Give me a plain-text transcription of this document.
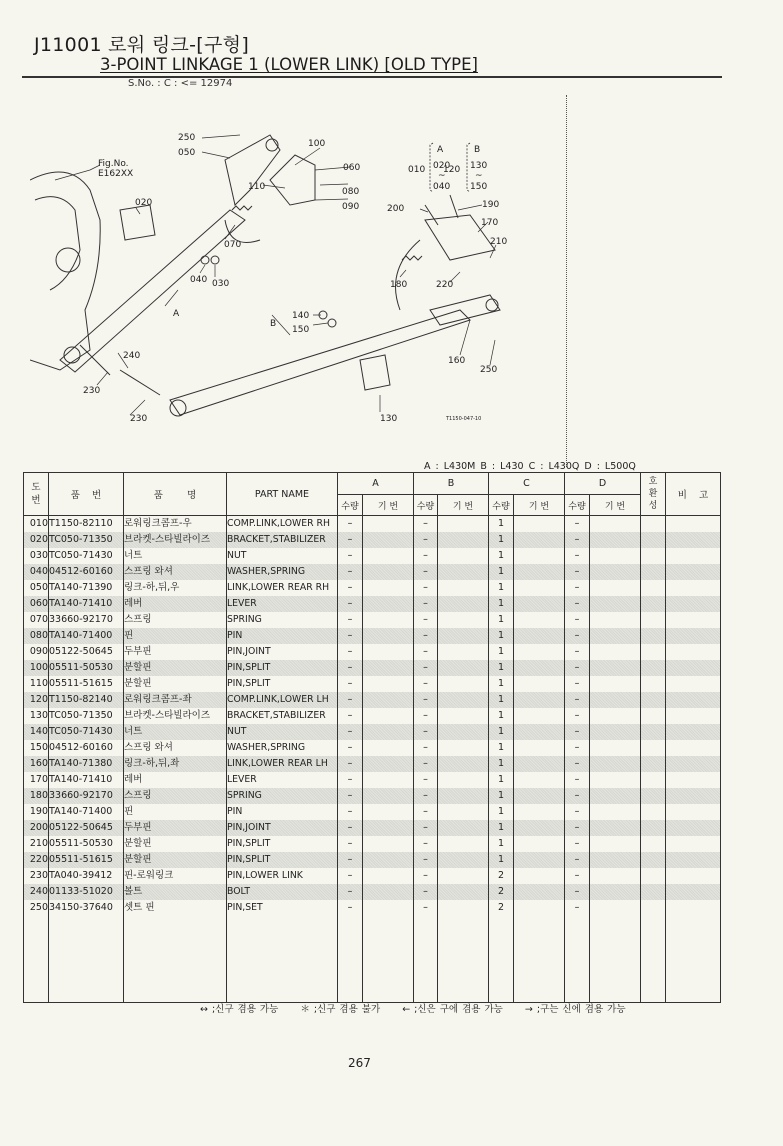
J11001 로워 링크-[구형]
3-POINT LINKAGE 1 (LOWER LINK) [OLD TYPE]
S.No. : C : <= 12974
Fig.No.
E162XX
250
050
100
060
110	080
090
020
070
040 030
A
B
140
150
160
250
240
230
230	130
200	190
170
210
180	220
010
A
020
~
040
120
B
130
~
150
T1150-047-10
A : L430M B : L430 C : L430Q D : L500Q
도
번	품    번	품        명	PART NAME	A		B		C		D		호
환
성	비    고
				수량	기 번	수량	기 번	수량	기 번	수량	기 번		
010	T1150-82110	로워링크콤프-우	COMP.LINK,LOWER RH	–		–		1		–			
020	TC050-71350	브라켓-스타빌라이즈	BRACKET,STABILIZER	–		–		1		–			
030	TC050-71430	너트	NUT	–		–		1		–			
040	04512-60160	스프링 와셔	WASHER,SPRING	–		–		1		–			
050	TA140-71390	링크-하,뒤,우	LINK,LOWER REAR RH	–		–		1		–			
060	TA140-71410	레버	LEVER	–		–		1		–			
070	33660-92170	스프링	SPRING	–		–		1		–			
080	TA140-71400	핀	PIN	–		–		1		–			
090	05122-50645	두부핀	PIN,JOINT	–		–		1		–			
100	05511-50530	분할핀	PIN,SPLIT	–		–		1		–			
110	05511-51615	분할핀	PIN,SPLIT	–		–		1		–			
120	T1150-82140	로워링크콤프-좌	COMP.LINK,LOWER LH	–		–		1		–			
130	TC050-71350	브라켓-스타빌라이즈	BRACKET,STABILIZER	–		–		1		–			
140	TC050-71430	너트	NUT	–		–		1		–			
150	04512-60160	스프링 와셔	WASHER,SPRING	–		–		1		–			
160	TA140-71380	링크-하,뒤,좌	LINK,LOWER REAR LH	–		–		1		–			
170	TA140-71410	레버	LEVER	–		–		1		–			
180	33660-92170	스프링	SPRING	–		–		1		–			
190	TA140-71400	핀	PIN	–		–		1		–			
200	05122-50645	두부핀	PIN,JOINT	–		–		1		–			
210	05511-50530	분할핀	PIN,SPLIT	–		–		1		–			
220	05511-51615	분할핀	PIN,SPLIT	–		–		1		–			
230	TA040-39412	핀-로워링크	PIN,LOWER LINK	–		–		2		–			
240	01133-51020	볼트	BOLT	–		–		2		–			
250	34150-37640	셋트 핀	PIN,SET	–		–		2		–			

↔ ;신구 겸용 가능 ＊ ;신구 겸용 불가 ← ;신은 구에 겸용 가능 → ;구는 신에 겸용 가능
267
